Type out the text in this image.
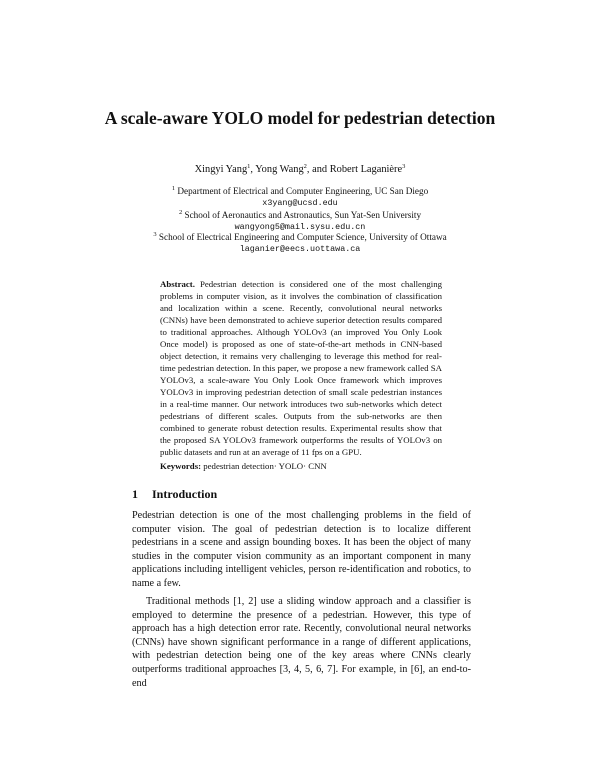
A scale-aware YOLO model for pedestrian detection
Xingyi Yang$^1$, Yong Wang$^2$, and Robert Laganière$^3$
$^1$ Department of Electrical and Computer Engineering, UC San Diego
x3yang@ucsd.edu
$^2$ School of Aeronautics and Astronautics, Sun Yat-Sen University
wangyong5@mail.sysu.edu.cn
$^3$ School of Electrical Engineering and Computer Science, University of Ottawa
laganier@eecs.uottawa.ca
Abstract. Pedestrian detection is considered one of the most challenging problems in computer vision, as it involves the combination of classification and localization within a scene. Recently, convolutional neural networks (CNNs) have been demonstrated to achieve superior detection results compared to traditional approaches. Although YOLOv3 (an improved You Only Look Once model) is proposed as one of state-of-the-art methods in CNN-based object detection, it remains very challenging to leverage this method for real-time pedestrian detection. In this paper, we propose a new framework called SA YOLOv3, a scale-aware You Only Look Once framework which improves YOLOv3 in improving pedestrian detection of small scale pedestrian instances in a real-time manner. Our network introduces two sub-networks which detect pedestrians of different scales. Outputs from the sub-networks are then combined to generate robust detection results. Experimental results show that the proposed SA YOLOv3 framework outperforms the results of YOLOv3 on public datasets and run at an average of 11 fps on a GPU.
Keywords: pedestrian detection· YOLO· CNN
1 Introduction

Pedestrian detection is one of the most challenging problems in the field of computer vision. The goal of pedestrian detection is to localize different pedestrians in a scene and assign bounding boxes. It has been the object of many studies in the computer vision community as an important component in many applications including intelligent vehicles, person re-identification and robotics, to name a few.

Traditional methods [1, 2] use a sliding window approach and a classifier is employed to determine the presence of a pedestrian. However, this type of approach has a high detection error rate. Recently, convolutional neural networks (CNNs) have shown significant performance in a range of different applications, with pedestrian detection being one of the key areas where CNNs clearly outperforms traditional approaches [3, 4, 5, 6, 7]. For example, in [6], an end-to-end
